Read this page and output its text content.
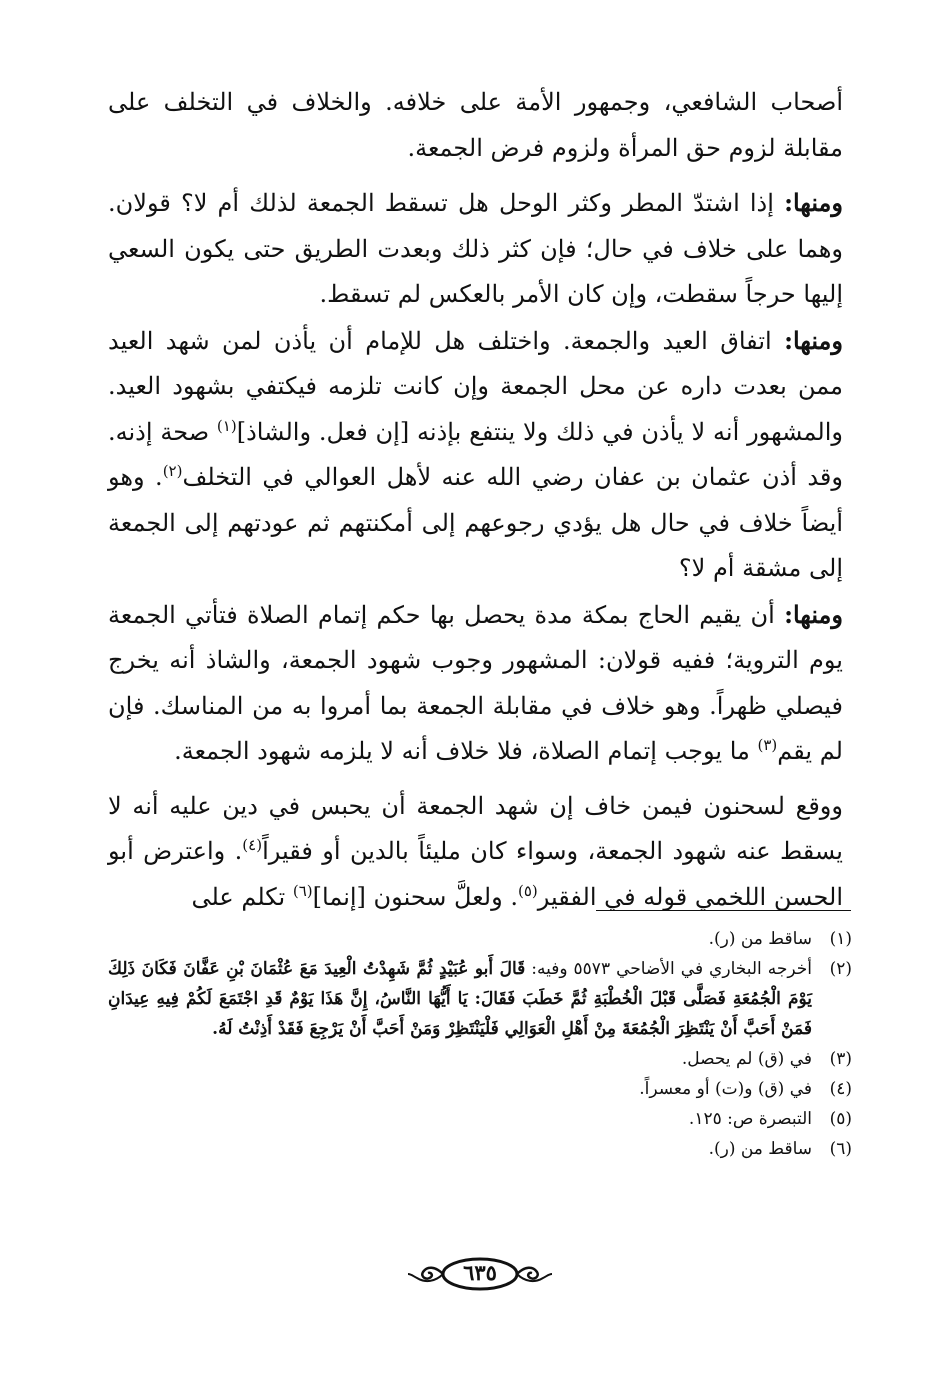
أصحاب الشافعي، وجمهور الأمة على خلافه. والخلاف في التخلف على مقابلة لزوم حق المرأة ولزوم فرض الجمعة.

ومنها: إذا اشتدّ المطر وكثر الوحل هل تسقط الجمعة لذلك أم لا؟ قولان. وهما على خلاف في حال؛ فإن كثر ذلك وبعدت الطريق حتى يكون السعي إليها حرجاً سقطت، وإن كان الأمر بالعكس لم تسقط.

ومنها: اتفاق العيد والجمعة. واختلف هل للإمام أن يأذن لمن شهد العيد ممن بعدت داره عن محل الجمعة وإن كانت تلزمه فيكتفي بشهود العيد. والمشهور أنه لا يأذن في ذلك ولا ينتفع بإذنه [إن فعل. والشاذ]$^{(١)}$ صحة إذنه. وقد أذن عثمان بن عفان رضي الله عنه لأهل العوالي في التخلف$^{(٢)}$. وهو أيضاً خلاف في حال هل يؤدي رجوعهم إلى أمكنتهم ثم عودتهم إلى الجمعة إلى مشقة أم لا؟

ومنها: أن يقيم الحاج بمكة مدة يحصل بها حكم إتمام الصلاة فتأتي الجمعة يوم التروية؛ ففيه قولان: المشهور وجوب شهود الجمعة، والشاذ أنه يخرج فيصلي ظهراً. وهو خلاف في مقابلة الجمعة بما أمروا به من المناسك. فإن لم يقم$^{(٣)}$ ما يوجب إتمام الصلاة، فلا خلاف أنه لا يلزمه شهود الجمعة.

ووقع لسحنون فيمن خاف إن شهد الجمعة أن يحبس في دين عليه أنه لا يسقط عنه شهود الجمعة، وسواء كان مليئاً بالدين أو فقيراً$^{(٤)}$. واعترض أبو الحسن اللخمي قوله في الفقير$^{(٥)}$. ولعلَّ سحنون [إنما]$^{(٦)}$ تكلم على

(١)
ساقط من (ر).
(٢)
أخرجه البخاري في الأضاحي ٥٥٧٣ وفيه: قَالَ أَبو عُبَيْدٍ ثُمَّ شَهِدْتُ الْعِيدَ مَعَ عُثْمَانَ بْنِ عَفَّانَ فَكَانَ ذَلِكَ يَوْمَ الْجُمُعَةِ فَصَلَّى قَبْلَ الْخُطْبَةِ ثُمَّ خَطَبَ فَقَالَ: يَا أَيُّهَا النَّاسُ، إِنَّ هَذَا يَوْمٌ قَدِ اجْتَمَعَ لَكُمْ فِيهِ عِيدَانِ فَمَنْ أَحَبَّ أَنْ يَنْتَظِرَ الْجُمُعَةَ مِنْ أَهْلِ الْعَوَالِي فَلْيَنْتَظِرْ وَمَنْ أَحَبَّ أَنْ يَرْجِعَ فَقَدْ أَذِنْتُ لَهُ.
(٣)
في (ق) لم يحصل.
(٤)
في (ق) و(ت) أو معسراً.
(٥)
التبصرة ص: ١٢٥.
(٦)
ساقط من (ر).
٦٣٥
